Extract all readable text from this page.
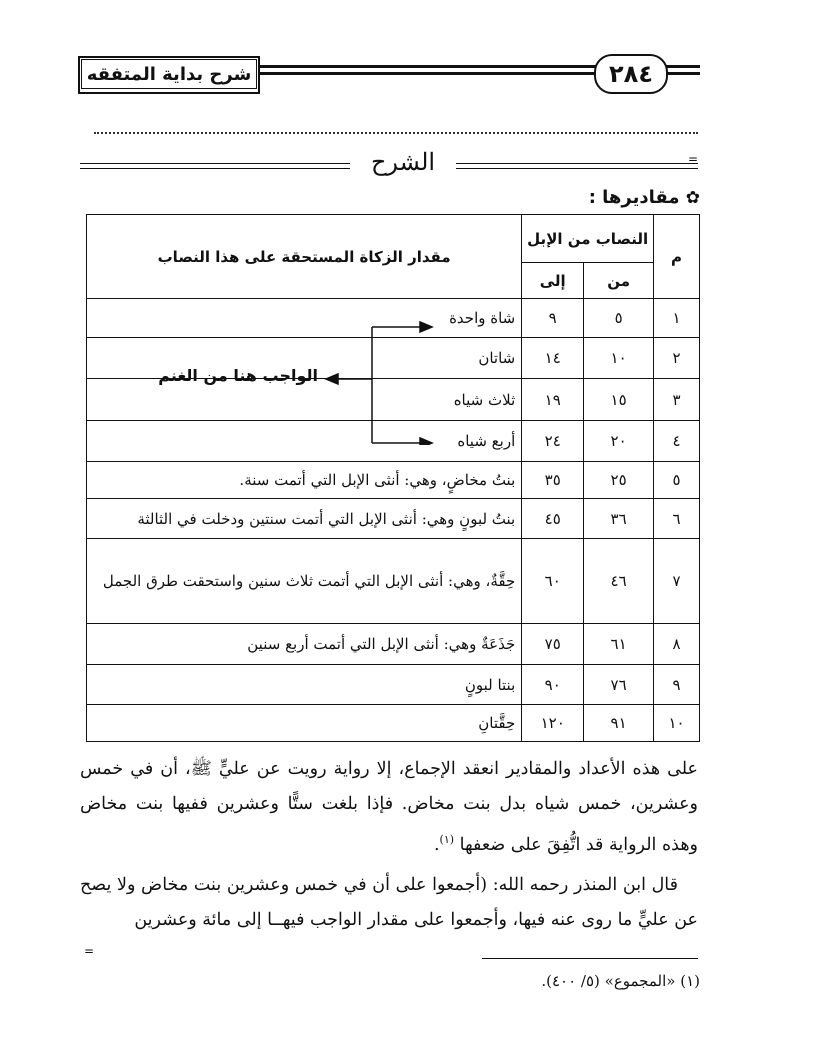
شرح بداية المتفقه	٢٨٤
الشرح	=
✿ مقاديرها :
م	النصاب من الإبل		مقدار الزكاة المستحقة على هذا النصاب
	من	إلى	
١	٥	٩	شاة واحدة
٢	١٠	١٤	شاتان
٣	١٥	١٩	ثلاث شياه
٤	٢٠	٢٤	أربع شياه
٥	٢٥	٣٥	بنتُ مخاضٍ، وهي: أنثى الإبل التي أتمت سنة.
٦	٣٦	٤٥	بنتُ لبونٍ وهي: أنثى الإبل التي أتمت سنتين ودخلت في الثالثة
٧	٤٦	٦٠	حِقَّةٌ، وهي: أنثى الإبل التي أتمت ثلاث سنين واستحقت طرق الجمل
٨	٦١	٧٥	جَذَعَةٌ وهي: أنثى الإبل التي أتمت أربع سنين
٩	٧٦	٩٠	بنتا لبونٍ
١٠	٩١	١٢٠	حِقَّتانِ
الواجب هنا من الغنم
على هذه الأعداد والمقادير انعقد الإجماع، إلا رواية رويت عن عليٍّ ﷺ، أن في خمس وعشرين، خمس شياه بدل بنت مخاض. فإذا بلغت ستًّا وعشرين ففيها بنت مخاض وهذه الرواية قد اتُّفِقَ على ضعفها $^{(١)}$.
قال ابن المنذر رحمه الله: (أجمعوا على أن في خمس وعشرين بنت مخاض ولا يصح عن عليٍّ ما روى عنه فيها، وأجمعوا على مقدار الواجب فيهــا إلى مائة وعشرين
=
(١) «المجموع» (٥/ ٤٠٠).
